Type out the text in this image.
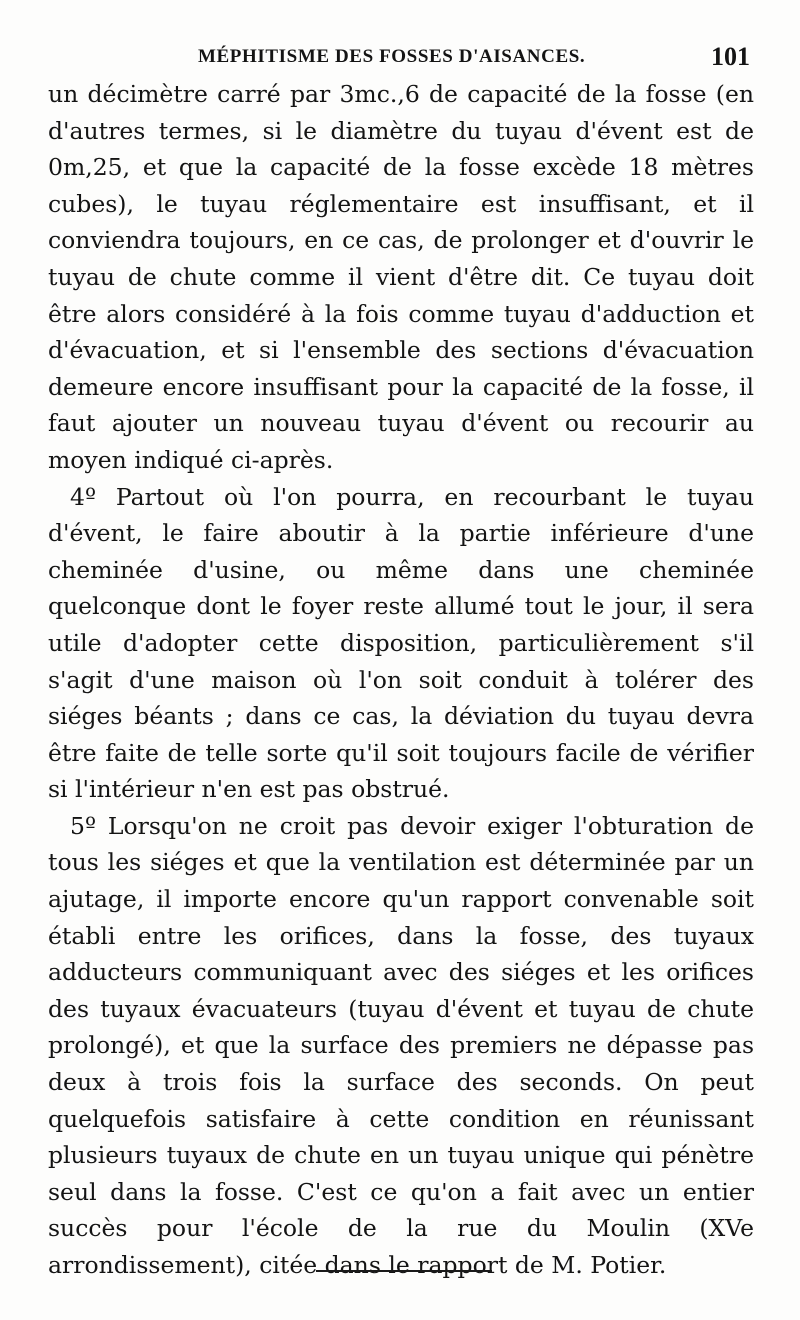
MÉPHITISME DES FOSSES D'AISANCES.	101

un décimètre carré par 3mc.,6 de capacité de la fosse (en d'autres termes, si le diamètre du tuyau d'évent est de 0m,25, et que la capacité de la fosse excède 18 mètres cubes), le tuyau réglementaire est insuffisant, et il conviendra toujours, en ce cas, de prolonger et d'ouvrir le tuyau de chute comme il vient d'être dit. Ce tuyau doit être alors considéré à la fois comme tuyau d'adduction et d'évacuation, et si l'ensemble des sections d'évacuation demeure encore insuffisant pour la capacité de la fosse, il faut ajouter un nouveau tuyau d'évent ou recourir au moyen indiqué ci-après.

4º Partout où l'on pourra, en recourbant le tuyau d'évent, le faire aboutir à la partie inférieure d'une cheminée d'usine, ou même dans une cheminée quelconque dont le foyer reste allumé tout le jour, il sera utile d'adopter cette disposition, particulièrement s'il s'agit d'une maison où l'on soit conduit à tolérer des siéges béants ; dans ce cas, la déviation du tuyau devra être faite de telle sorte qu'il soit toujours facile de vérifier si l'intérieur n'en est pas obstrué.

5º Lorsqu'on ne croit pas devoir exiger l'obturation de tous les siéges et que la ventilation est déterminée par un ajutage, il importe encore qu'un rapport convenable soit établi entre les orifices, dans la fosse, des tuyaux adducteurs communiquant avec des siéges et les orifices des tuyaux évacuateurs (tuyau d'évent et tuyau de chute prolongé), et que la surface des premiers ne dépasse pas deux à trois fois la surface des seconds. On peut quelquefois satisfaire à cette condition en réunissant plusieurs tuyaux de chute en un tuyau unique qui pénètre seul dans la fosse. C'est ce qu'on a fait avec un entier succès pour l'école de la rue du Moulin (XVe arrondissement), citée dans le rapport de M. Potier.
